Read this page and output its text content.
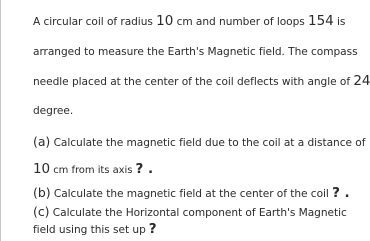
A circular coil of radius 10 cm and number of loops 154 is
arranged to measure the Earth's Magnetic field. The compass
needle placed at the center of the coil deflects with angle of 24
degree.
(a) Calculate the magnetic field due to the coil at a distance of
10 cm from its axis ? .
(b) Calculate the magnetic field at the center of the coil ? .
(c) Calculate the Horizontal component of Earth's Magnetic
field using this set up ?
